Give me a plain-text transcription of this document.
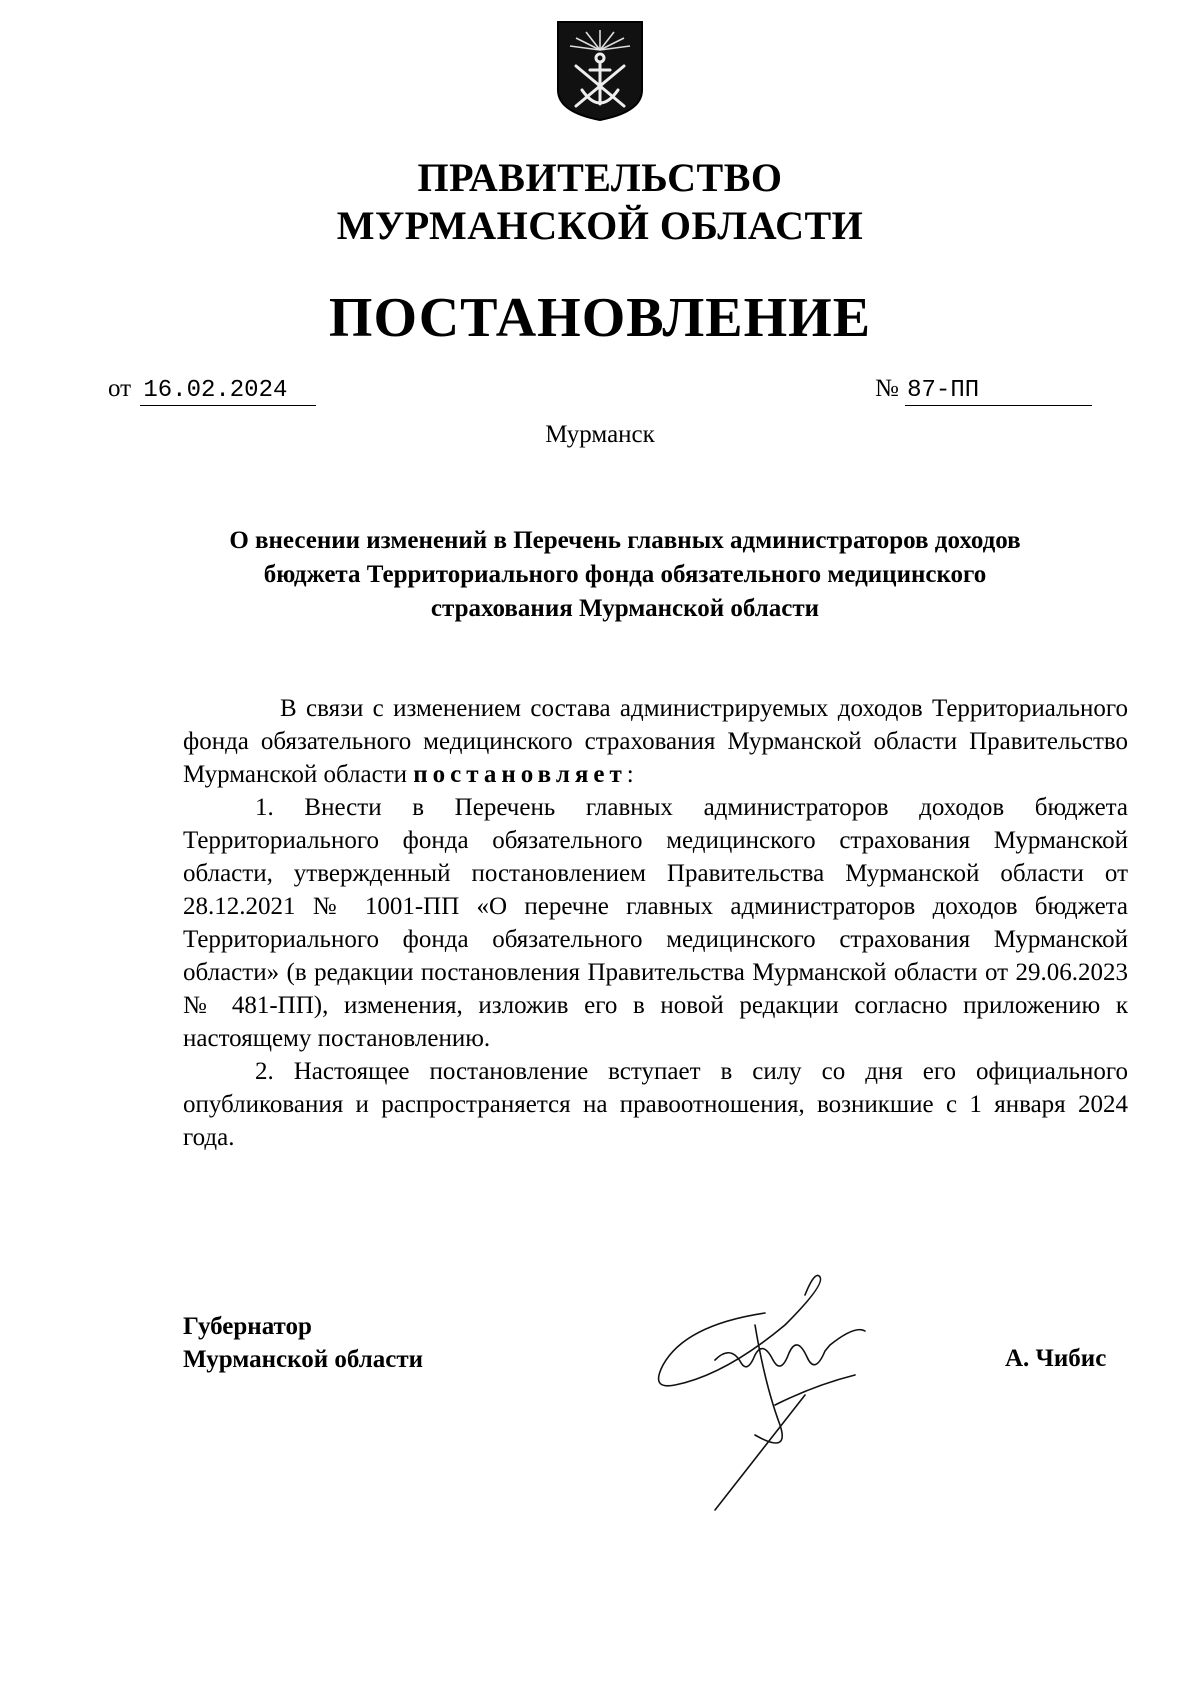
ПРАВИТЕЛЬСТВО
МУРМАНСКОЙ ОБЛАСТИ
ПОСТАНОВЛЕНИЕ
от 16.02.2024	№ 87-ПП
Мурманск
О внесении изменений в Перечень главных администраторов доходов
бюджета Территориального фонда обязательного медицинского
страхования Мурманской области

В связи с изменением состава администрируемых доходов Территориального фонда обязательного медицинского страхования Мурманской области Правительство Мурманской области постановляет:

1. Внести в Перечень главных администраторов доходов бюджета Территориального фонда обязательного медицинского страхования Мурманской области, утвержденный постановлением Правительства Мурманской области от 28.12.2021 № 1001-ПП «О перечне главных администраторов доходов бюджета Территориального фонда обязательного медицинского страхования Мурманской области» (в редакции постановления Правительства Мурманской области от 29.06.2023 № 481-ПП), изменения, изложив его в новой редакции согласно приложению к настоящему постановлению.

2. Настоящее постановление вступает в силу со дня его официального опубликования и распространяется на правоотношения, возникшие с 1 января 2024 года.

Губернатор
Мурманской области	А. Чибис
